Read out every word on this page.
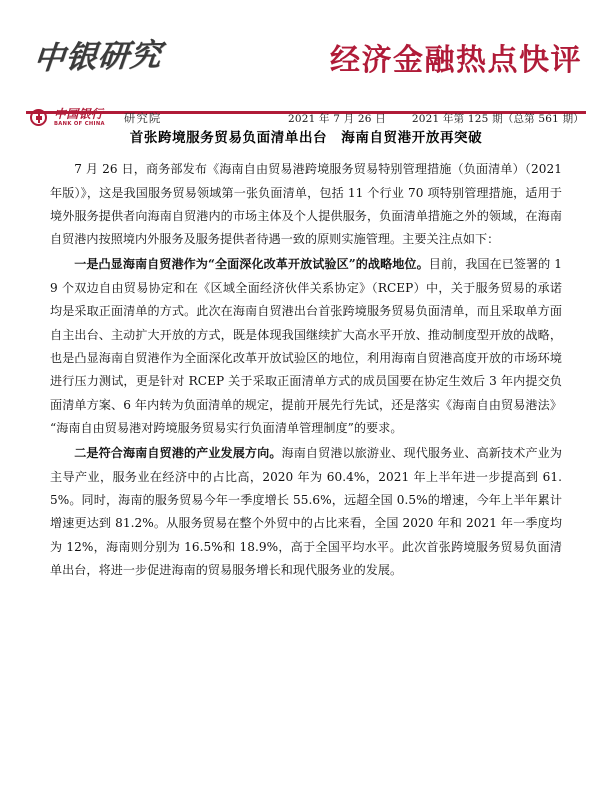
中银研究	经济金融热点快评
中国银行
BANK OF CHINA 研究院	2021 年 7 月 26 日 2021 年第 125 期（总第 561 期）
首张跨境服务贸易负面清单出台　海南自贸港开放再突破

7 月 26 日，商务部发布《海南自由贸易港跨境服务贸易特别管理措施（负面清单）（2021 年版）》，这是我国服务贸易领域第一张负面清单，包括 11 个行业 70 项特别管理措施，适用于境外服务提供者向海南自贸港内的市场主体及个人提供服务，负面清单措施之外的领域，在海南自贸港内按照境内外服务及服务提供者待遇一致的原则实施管理。主要关注点如下：

一是凸显海南自贸港作为“全面深化改革开放试验区”的战略地位。目前，我国在已签署的 19 个双边自由贸易协定和在《区域全面经济伙伴关系协定》（RCEP）中，关于服务贸易的承诺均是采取正面清单的方式。此次在海南自贸港出台首张跨境服务贸易负面清单，而且采取单方面自主出台、主动扩大开放的方式，既是体现我国继续扩大高水平开放、推动制度型开放的战略，也是凸显海南自贸港作为全面深化改革开放试验区的地位，利用海南自贸港高度开放的市场环境进行压力测试，更是针对 RCEP 关于采取正面清单方式的成员国要在协定生效后 3 年内提交负面清单方案、6 年内转为负面清单的规定，提前开展先行先试，还是落实《海南自由贸易港法》“海南自由贸易港对跨境服务贸易实行负面清单管理制度”的要求。

二是符合海南自贸港的产业发展方向。海南自贸港以旅游业、现代服务业、高新技术产业为主导产业，服务业在经济中的占比高，2020 年为 60.4%，2021 年上半年进一步提高到 61.5%。同时，海南的服务贸易今年一季度增长 55.6%，远超全国 0.5%的增速，今年上半年累计增速更达到 81.2%。从服务贸易在整个外贸中的占比来看，全国 2020 年和 2021 年一季度均为 12%，海南则分别为 16.5%和 18.9%，高于全国平均水平。此次首张跨境服务贸易负面清单出台，将进一步促进海南的贸易服务增长和现代服务业的发展。
